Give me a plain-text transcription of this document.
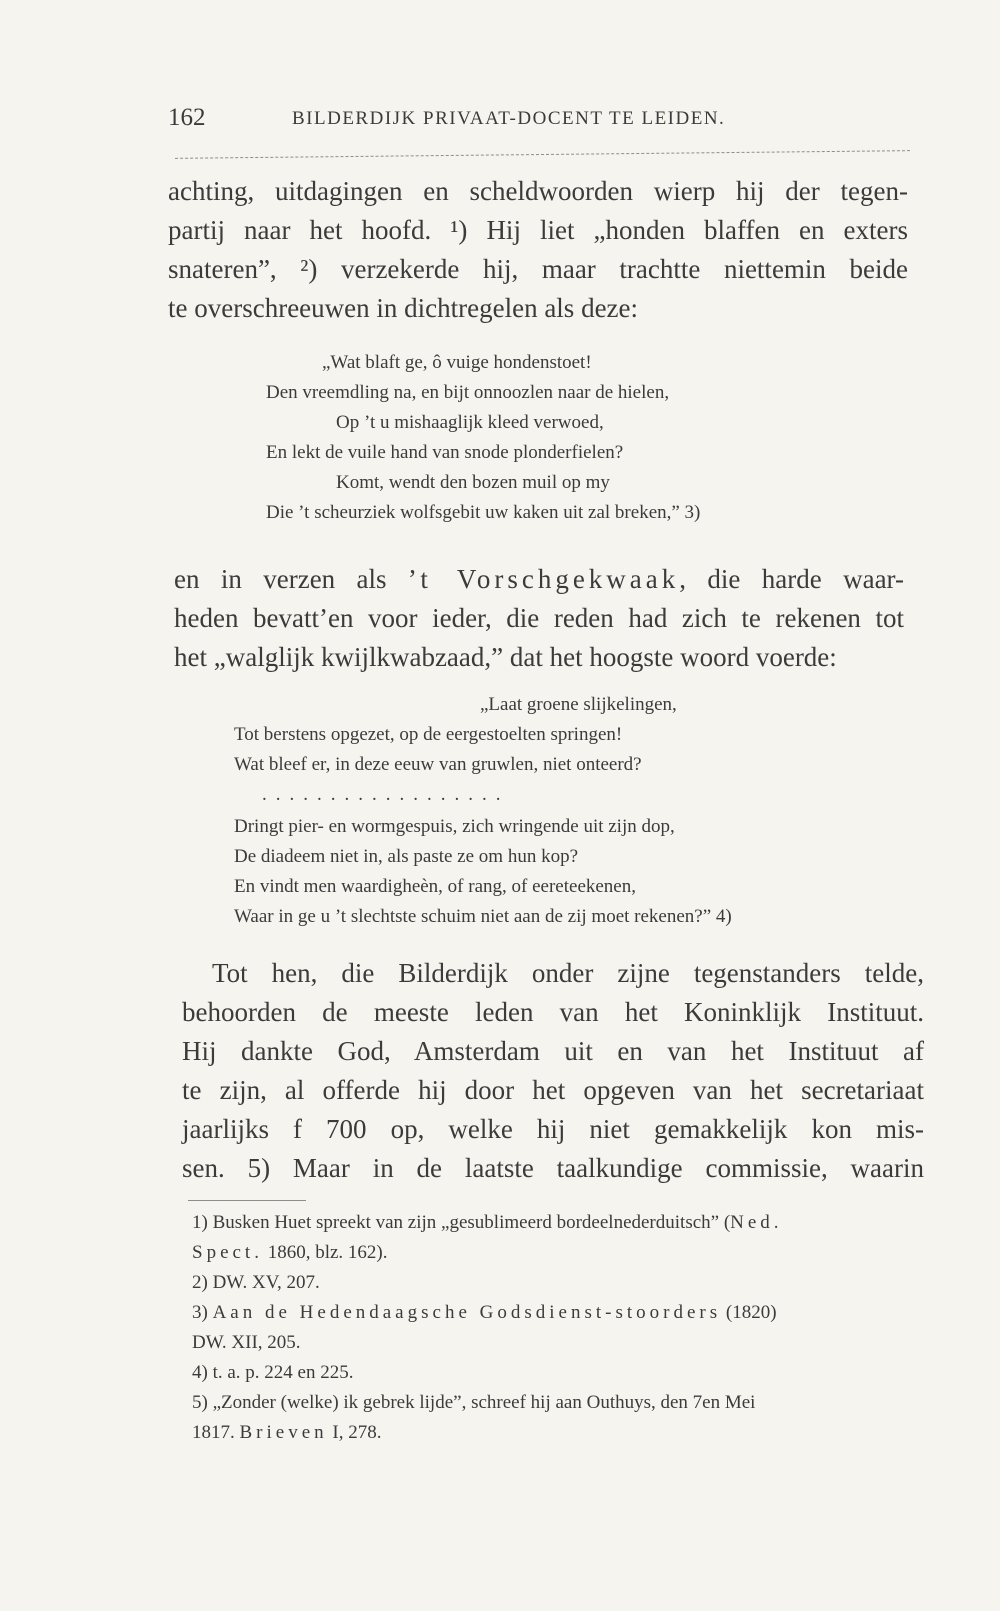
162	BILDERDIJK PRIVAAT-DOCENT TE LEIDEN.

achting, uitdagingen en scheldwoorden wierp hij der tegen-
partij naar het hoofd. ¹) Hij liet „honden blaffen en exters
snateren”, ²) verzekerde hij, maar trachtte niettemin beide
te overschreeuwen in dichtregelen als deze:

„Wat blaft ge, ô vuige hondenstoet!
Den vreemdling na, en bijt onnoozlen naar de hielen,
Op ’t u mishaaglijk kleed verwoed,
En lekt de vuile hand van snode plonderfielen?
Komt, wendt den bozen muil op my
Die ’t scheurziek wolfsgebit uw kaken uit zal breken,” 3)

en in verzen als ’t Vorschgekwaak, die harde waar-
heden bevatt’en voor ieder, die reden had zich te rekenen tot
het „walglijk kwijlkwabzaad,” dat het hoogste woord voerde:

„Laat groene slijkelingen,
Tot berstens opgezet, op de eergestoelten springen!
Wat bleef er, in deze eeuw van gruwlen, niet onteerd?
..................
Dringt pier- en wormgespuis, zich wringende uit zijn dop,
De diadeem niet in, als paste ze om hun kop?
En vindt men waardigheèn, of rang, of eereteekenen,
Waar in ge u ’t slechtste schuim niet aan de zij moet rekenen?” 4)

Tot hen, die Bilderdijk onder zijne tegenstanders telde,
behoorden de meeste leden van het Koninklijk Instituut.
Hij dankte God, Amsterdam uit en van het Instituut af
te zijn, al offerde hij door het opgeven van het secretariaat
jaarlijks f 700 op, welke hij niet gemakkelijk kon mis-
sen. 5) Maar in de laatste taalkundige commissie, waarin

1) Busken Huet spreekt van zijn „gesublimeerd bordeelnederduitsch” (Ned.
Spect. 1860, blz. 162).
2) DW. XV, 207.
3) Aan de Hedendaagsche Godsdienst-stoorders (1820)
DW. XII, 205.
4) t. a. p. 224 en 225.
5) „Zonder (welke) ik gebrek lijde”, schreef hij aan Outhuys, den 7en Mei
1817. Brieven I, 278.
